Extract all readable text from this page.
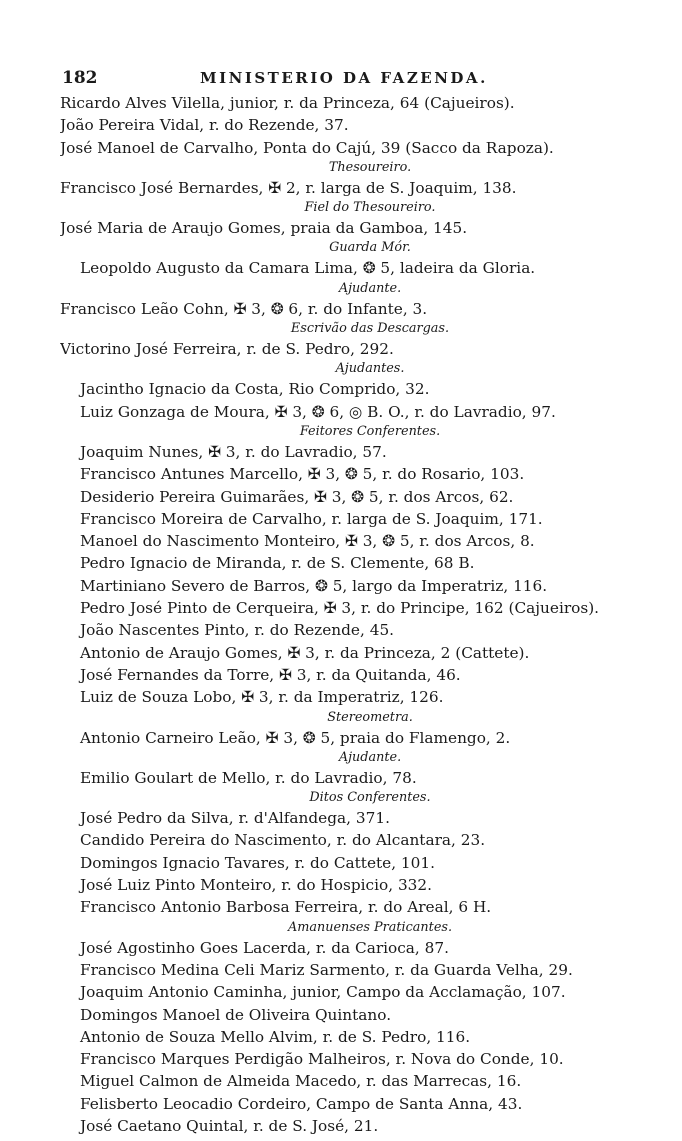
182	MINISTERIO DA FAZENDA.
Ricardo Alves Vilella, junior, r. da Princeza, 64 (Cajueiros).
João Pereira Vidal, r. do Rezende, 37.
José Manoel de Carvalho, Ponta do Cajú, 39 (Sacco da Rapoza).
Thesoureiro.
Francisco José Bernardes, ✠ 2, r. larga de S. Joaquim, 138.
Fiel do Thesoureiro.
José Maria de Araujo Gomes, praia da Gamboa, 145.
Guarda Mór.
Leopoldo Augusto da Camara Lima, ❂ 5, ladeira da Gloria.
Ajudante.
Francisco Leão Cohn, ✠ 3, ❂ 6, r. do Infante, 3.
Escrivão das Descargas.
Victorino José Ferreira, r. de S. Pedro, 292.
Ajudantes.
Jacintho Ignacio da Costa, Rio Comprido, 32.
Luiz Gonzaga de Moura, ✠ 3, ❂ 6, ◎ B. O., r. do Lavradio, 97.
Feitores Conferentes.
Joaquim Nunes, ✠ 3, r. do Lavradio, 57.
Francisco Antunes Marcello, ✠ 3, ❂ 5, r. do Rosario, 103.
Desiderio Pereira Guimarães, ✠ 3, ❂ 5, r. dos Arcos, 62.
Francisco Moreira de Carvalho, r. larga de S. Joaquim, 171.
Manoel do Nascimento Monteiro, ✠ 3, ❂ 5, r. dos Arcos, 8.
Pedro Ignacio de Miranda, r. de S. Clemente, 68 B.
Martiniano Severo de Barros, ❂ 5, largo da Imperatriz, 116.
Pedro José Pinto de Cerqueira, ✠ 3, r. do Principe, 162 (Cajueiros).
João Nascentes Pinto, r. do Rezende, 45.
Antonio de Araujo Gomes, ✠ 3, r. da Princeza, 2 (Cattete).
José Fernandes da Torre, ✠ 3, r. da Quitanda, 46.
Luiz de Souza Lobo, ✠ 3, r. da Imperatriz, 126.
Stereometra.
Antonio Carneiro Leão, ✠ 3, ❂ 5, praia do Flamengo, 2.
Ajudante.
Emilio Goulart de Mello, r. do Lavradio, 78.
Ditos Conferentes.
José Pedro da Silva, r. d'Alfandega, 371.
Candido Pereira do Nascimento, r. do Alcantara, 23.
Domingos Ignacio Tavares, r. do Cattete, 101.
José Luiz Pinto Monteiro, r. do Hospicio, 332.
Francisco Antonio Barbosa Ferreira, r. do Areal, 6 H.
Amanuenses Praticantes.
José Agostinho Goes Lacerda, r. da Carioca, 87.
Francisco Medina Celi Mariz Sarmento, r. da Guarda Velha, 29.
Joaquim Antonio Caminha, junior, Campo da Acclamação, 107.
Domingos Manoel de Oliveira Quintano.
Antonio de Souza Mello Alvim, r. de S. Pedro, 116.
Francisco Marques Perdigão Malheiros, r. Nova do Conde, 10.
Miguel Calmon de Almeida Macedo, r. das Marrecas, 16.
Felisberto Leocadio Cordeiro, Campo de Santa Anna, 43.
José Caetano Quintal, r. de S. José, 21.
